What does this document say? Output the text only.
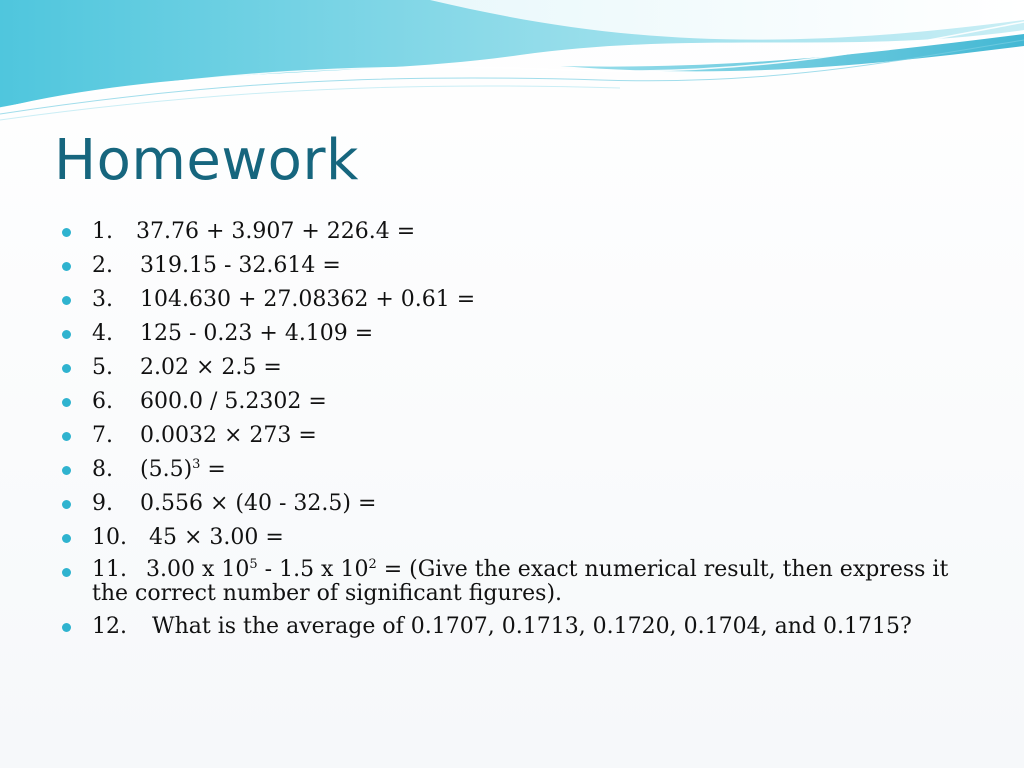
Homework
1. 37.76 + 3.907 + 226.4 =
2. 319.15 - 32.614 =
3. 104.630 + 27.08362 + 0.61 =
4. 125 - 0.23 + 4.109 =
5. 2.02 × 2.5 =
6. 600.0 / 5.2302 =
7. 0.0032 × 273 =
8. $(5.5)^3$ =
9. 0.556 × (40 - 32.5) =
10. 45 × 3.00 =
11. 3.00 x $10^5 - 1.5$ x $10^2$ = (Give the exact numerical result, then express it the correct number of significant figures).
12. What is the average of 0.1707, 0.1713, 0.1720, 0.1704, and 0.1715?
